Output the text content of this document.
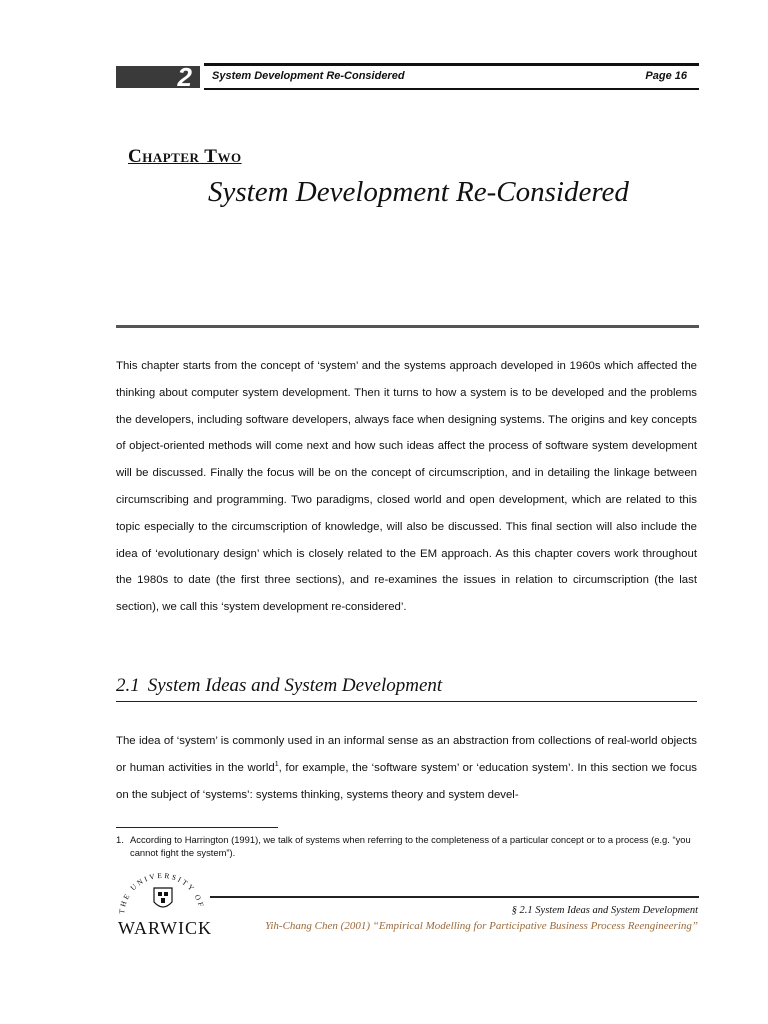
2 System Development Re-Considered	Page 16
Chapter Two
System Development Re-Considered

This chapter starts from the concept of ‘system’ and the systems approach developed in 1960s which affected the thinking about computer system development. Then it turns to how a system is to be developed and the problems the developers, including software developers, always face when designing systems. The origins and key concepts of object-oriented methods will come next and how such ideas affect the process of software system development will be discussed. Finally the focus will be on the concept of circumscription, and in detailing the linkage between circumscribing and programming. Two paradigms, closed world and open development, which are related to this topic especially to the circumscription of knowledge, will also be discussed. This final section will also include the idea of ‘evolutionary design’ which is closely related to the EM approach. As this chapter covers work throughout the 1980s to date (the first three sections), and re-examines the issues in relation to circumscription (the last section), we call this ‘system development re-considered’.

2.1 System Ideas and System Development

The idea of ‘system’ is commonly used in an informal sense as an abstraction from collections of real-world objects or human activities in the world$^1$, for example, the ‘software system’ or ‘education system’. In this section we focus on the subject of ‘systems’: systems thinking, systems theory and system devel-

1. According to Harrington (1991), we talk of systems when referring to the completeness of a particular concept or to a process (e.g. “you cannot fight the system”).
THE UNIVERSITY OF
WARWICK
§ 2.1 System Ideas and System Development
Yih-Chang Chen (2001) “Empirical Modelling for Participative Business Process Reengineering”
